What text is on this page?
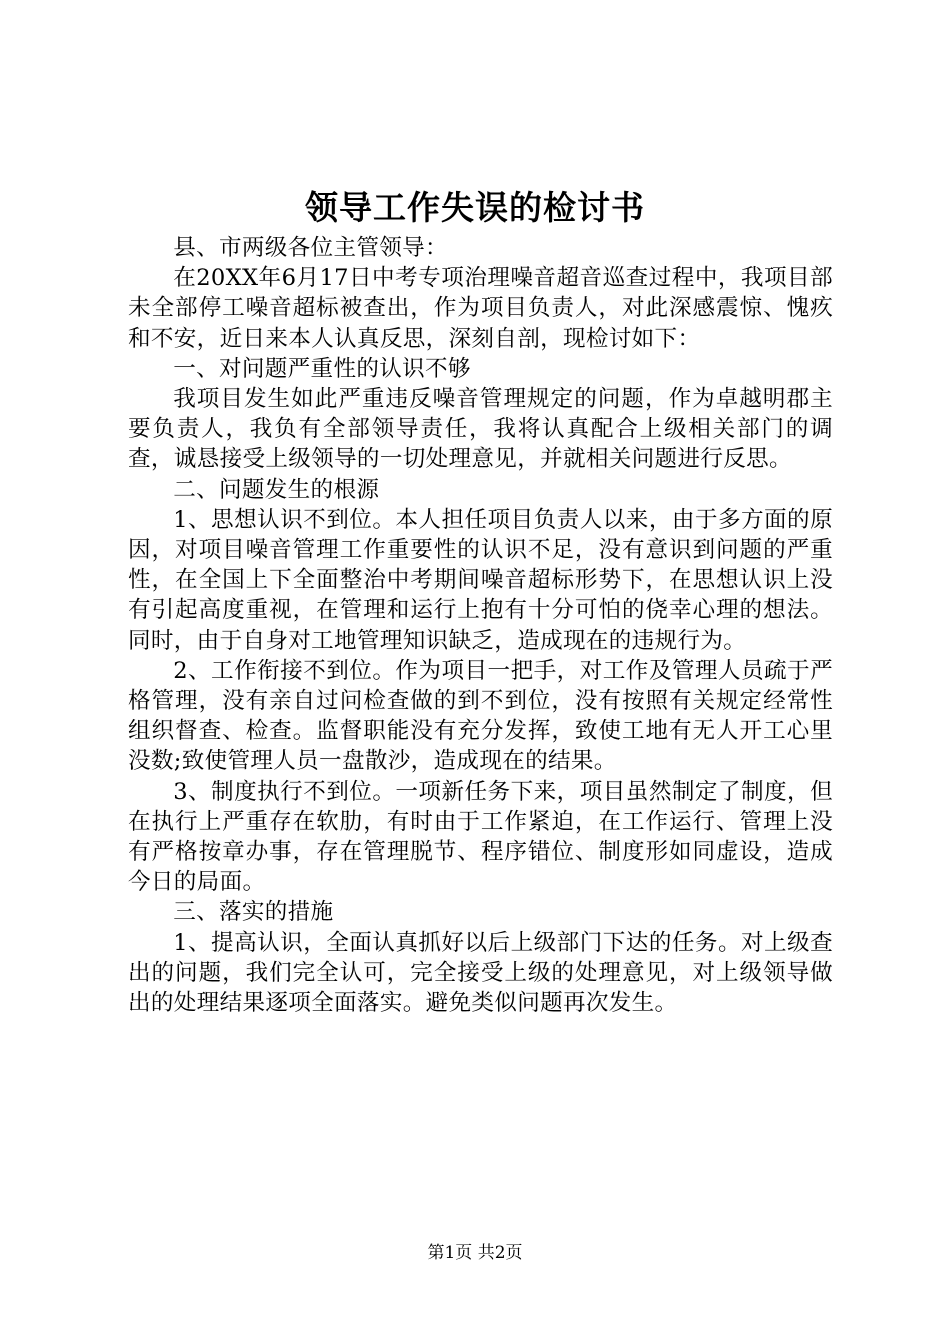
领导工作失误的检讨书

县、市两级各位主管领导：

在20XX年6月17日中考专项治理噪音超音巡查过程中，我项目部未全部停工噪音超标被查出，作为项目负责人，对此深感震惊、愧疚和不安，近日来本人认真反思，深刻自剖，现检讨如下：

一、对问题严重性的认识不够

我项目发生如此严重违反噪音管理规定的问题，作为卓越明郡主要负责人，我负有全部领导责任，我将认真配合上级相关部门的调查，诚恳接受上级领导的一切处理意见，并就相关问题进行反思。

二、问题发生的根源

1、思想认识不到位。本人担任项目负责人以来，由于多方面的原因，对项目噪音管理工作重要性的认识不足，没有意识到问题的严重性，在全国上下全面整治中考期间噪音超标形势下，在思想认识上没有引起高度重视，在管理和运行上抱有十分可怕的侥幸心理的想法。同时，由于自身对工地管理知识缺乏，造成现在的违规行为。

2、工作衔接不到位。作为项目一把手，对工作及管理人员疏于严格管理，没有亲自过问检查做的到不到位，没有按照有关规定经常性组织督查、检查。监督职能没有充分发挥，致使工地有无人开工心里没数;致使管理人员一盘散沙，造成现在的结果。

3、制度执行不到位。一项新任务下来，项目虽然制定了制度，但在执行上严重存在软肋，有时由于工作紧迫，在工作运行、管理上没有严格按章办事，存在管理脱节、程序错位、制度形如同虚设，造成今日的局面。

三、落实的措施

1、提高认识，全面认真抓好以后上级部门下达的任务。对上级查出的问题，我们完全认可，完全接受上级的处理意见，对上级领导做出的处理结果逐项全面落实。避免类似问题再次发生。

第1页 共2页
